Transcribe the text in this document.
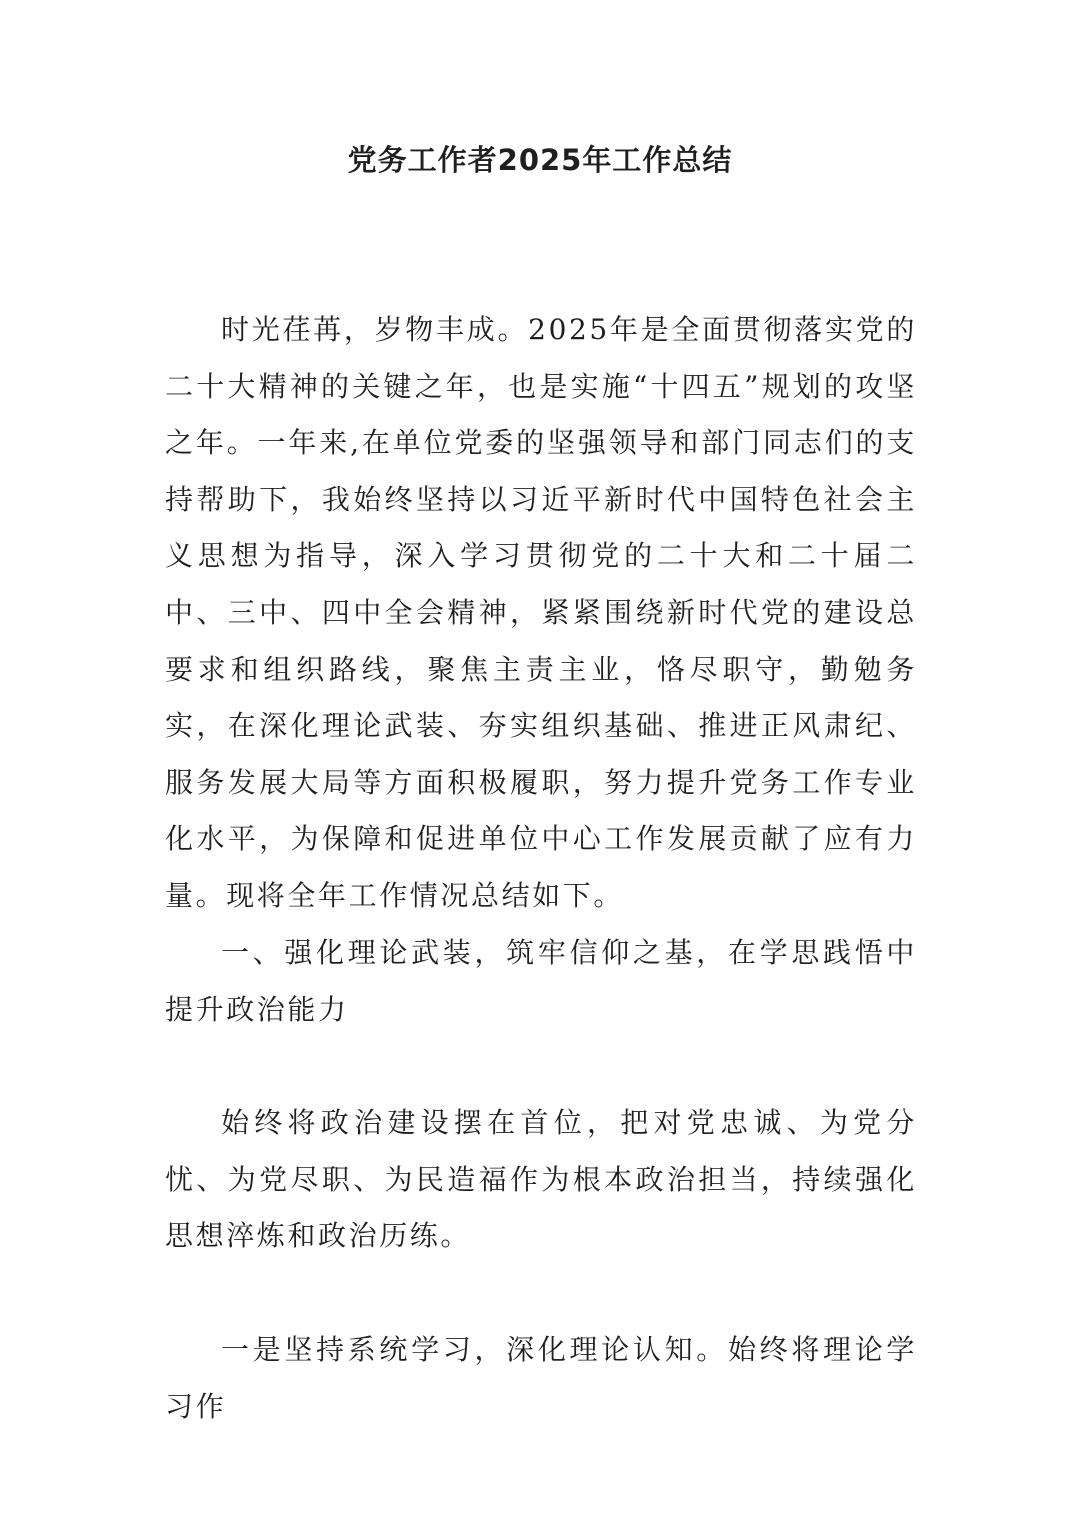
党务工作者2025年工作总结

时光荏苒，岁物丰成。2025年是全面贯彻落实党的二十大精神的关键之年，也是实施“十四五”规划的攻坚之年。一年来,在单位党委的坚强领导和部门同志们的支持帮助下，我始终坚持以习近平新时代中国特色社会主义思想为指导，深入学习贯彻党的二十大和二十届二中、三中、四中全会精神，紧紧围绕新时代党的建设总要求和组织路线，聚焦主责主业，恪尽职守，勤勉务实，在深化理论武装、夯实组织基础、推进正风肃纪、服务发展大局等方面积极履职，努力提升党务工作专业化水平，为保障和促进单位中心工作发展贡献了应有力量。现将全年工作情况总结如下。

一、强化理论武装，筑牢信仰之基，在学思践悟中提升政治能力

始终将政治建设摆在首位，把对党忠诚、为党分忧、为党尽职、为民造福作为根本政治担当，持续强化思想淬炼和政治历练。

一是坚持系统学习，深化理论认知。始终将理论学习作
